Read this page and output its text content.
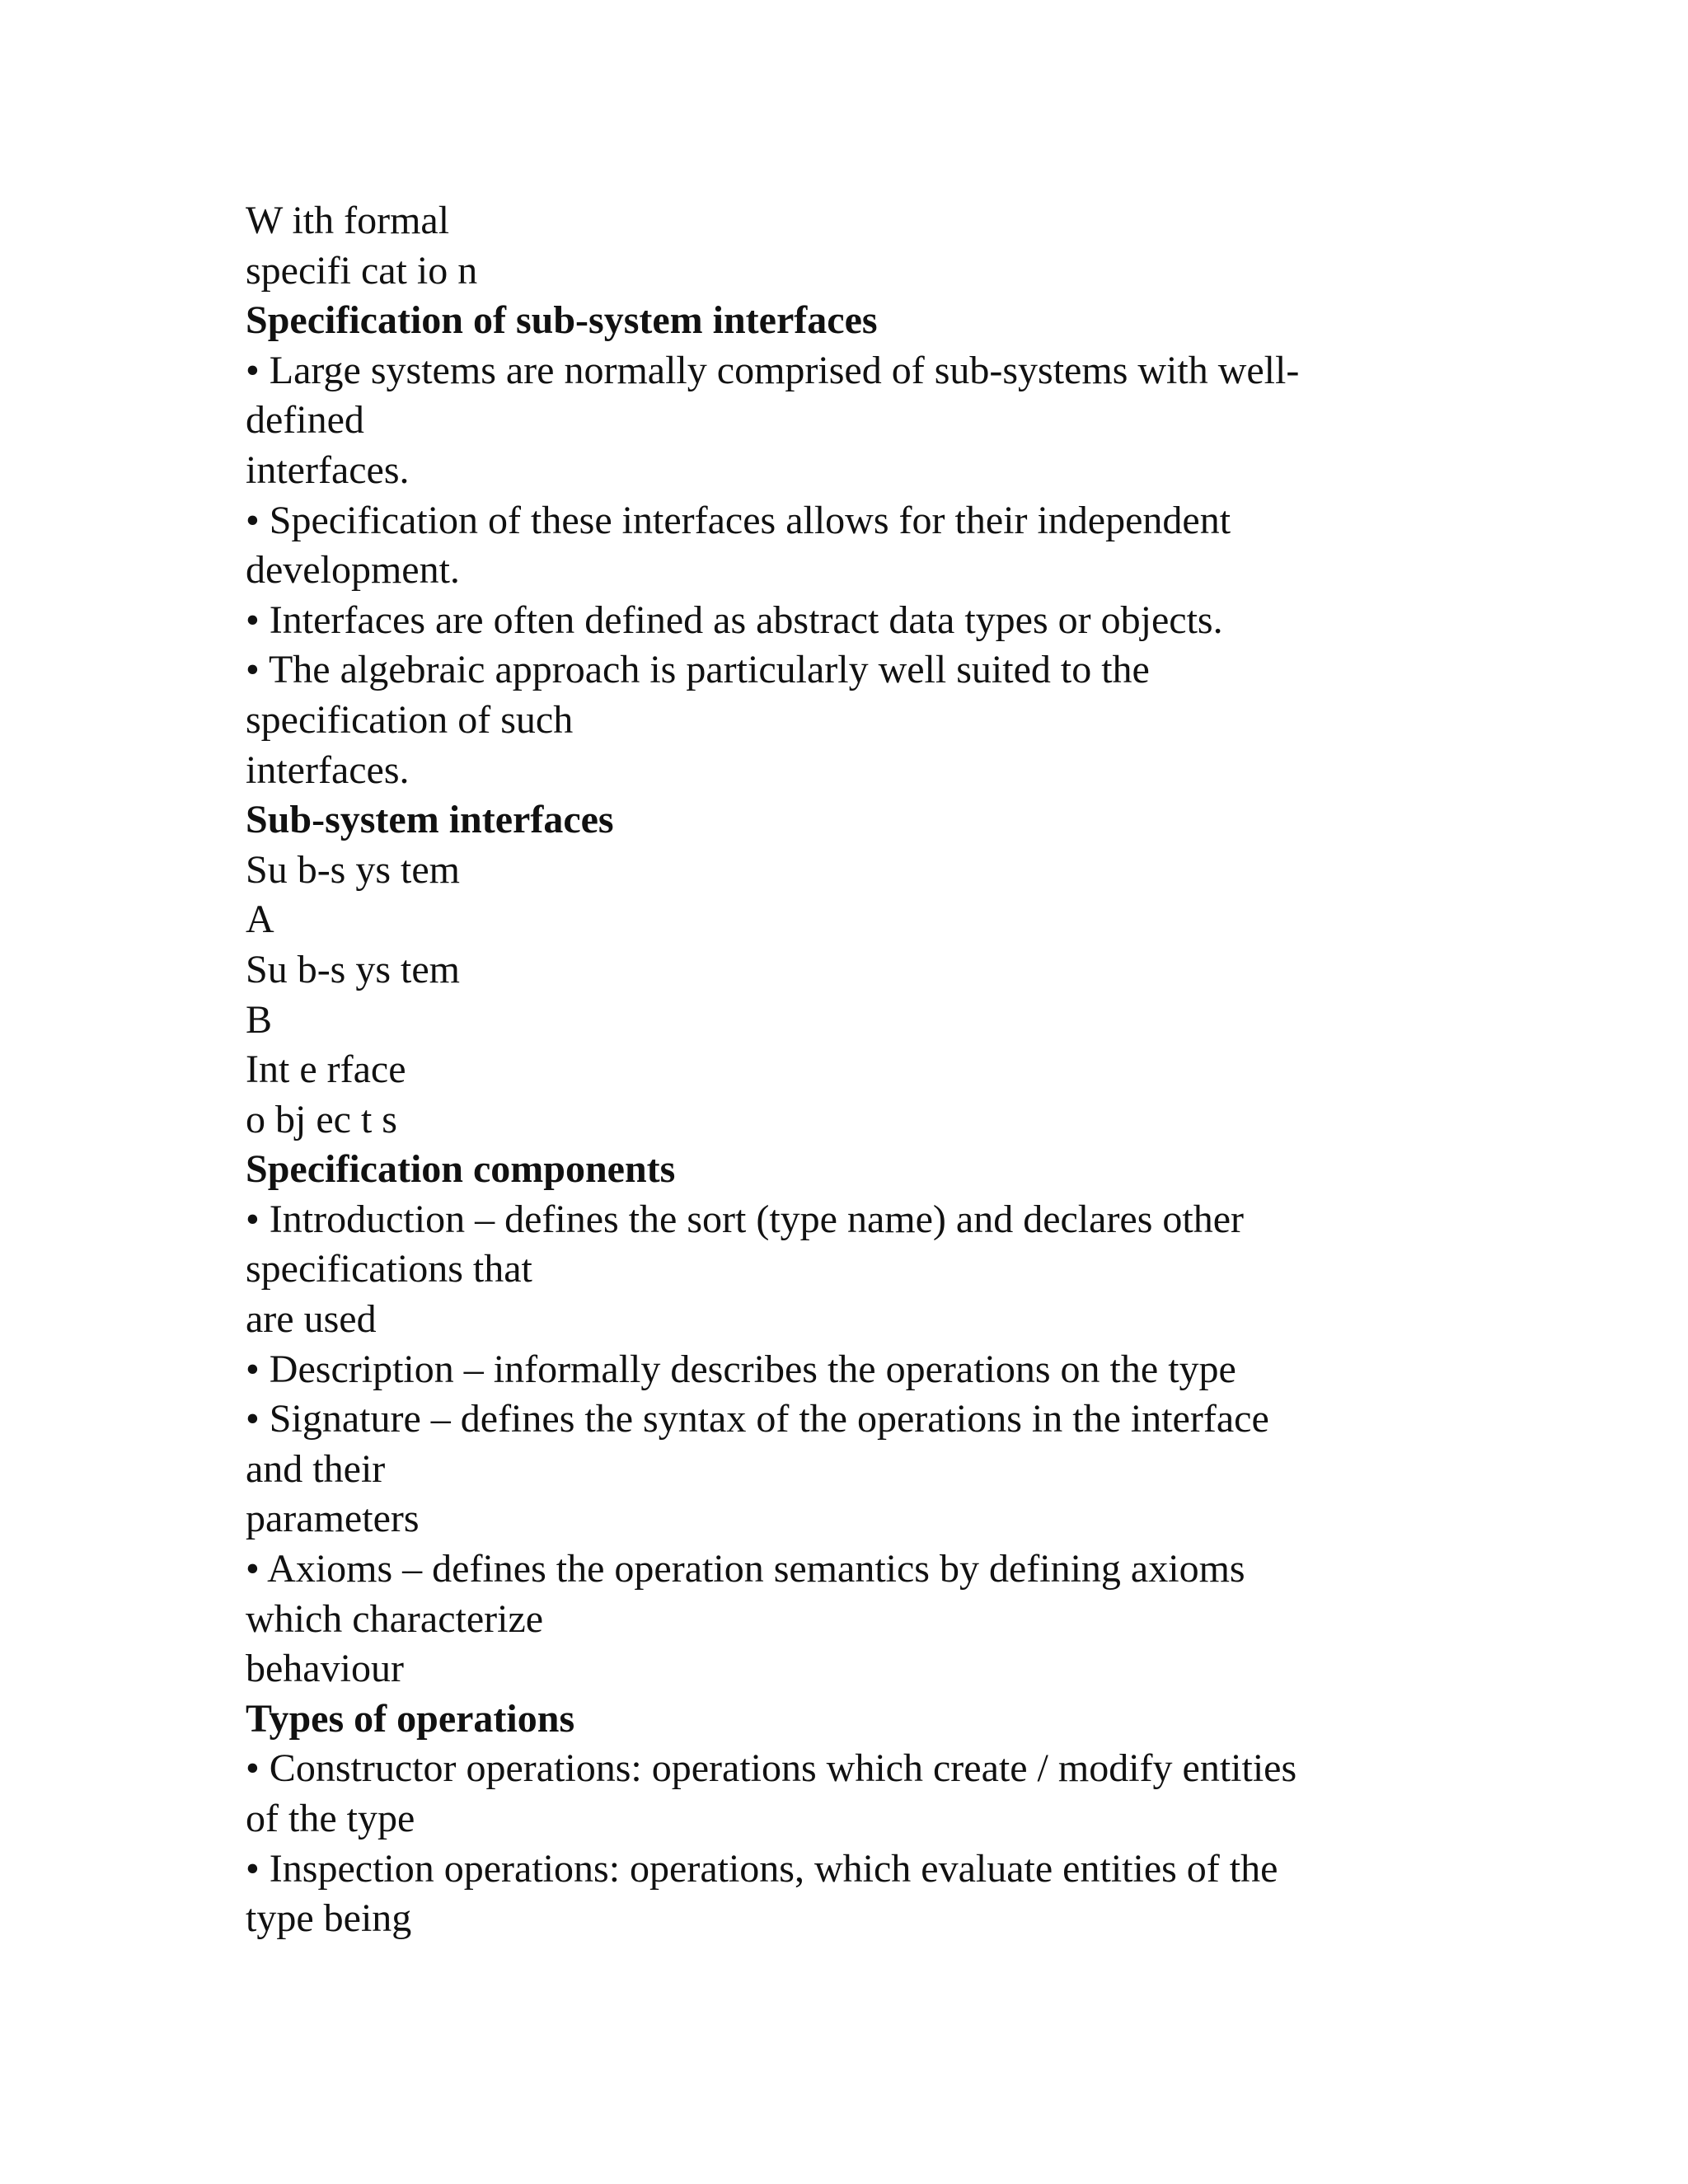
W ith formal
specifi cat io n
Specification of sub-system interfaces
• Large systems are normally comprised of sub-systems with well-
defined
interfaces.
• Specification of these interfaces allows for their independent
development.
• Interfaces are often defined as abstract data types or objects.
• The algebraic approach is particularly well suited to the
specification of such
interfaces.
Sub-system interfaces
Su b-s ys tem
A
Su b-s ys tem
B
Int e rface
o bj ec t s
Specification components
• Introduction – defines the sort (type name) and declares other
specifications that
are used
• Description – informally describes the operations on the type
• Signature – defines the syntax of the operations in the interface
and their
parameters
• Axioms – defines the operation semantics by defining axioms
which characterize
behaviour
Types of operations
• Constructor operations: operations which create / modify entities
of the type
• Inspection operations: operations, which evaluate entities of the
type being
